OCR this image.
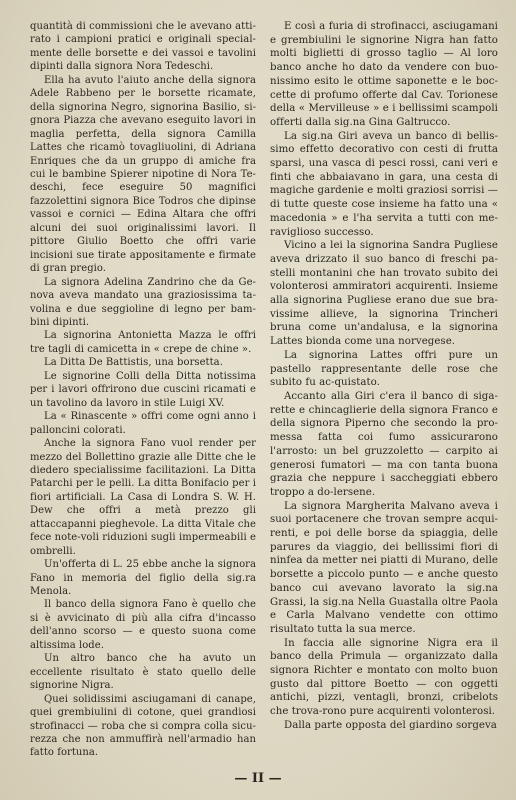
quantità di commissioni che le avevano atti-rato i campioni pratici e originali special-mente delle borsette e dei vassoi e tavolini dipinti dalla signora Nora Tedeschi.

Ella ha avuto l'aiuto anche della signora Adele Rabbeno per le borsette ricamate, della signorina Negro, signorina Basilio, si-gnora Piazza che avevano eseguito lavori in maglia perfetta, della signora Camilla Lattes che ricamò tovagliuolini, di Adriana Enriques che da un gruppo di amiche fra cui le bambine Spierer nipotine di Nora Te-deschi, fece eseguire 50 magnifici fazzolettini signora Bice Todros che dipinse vassoi e cornici — Edina Altara che offri alcuni dei suoi originalissimi lavori. Il pittore Giulio Boetto che offri varie incisioni sue tirate appositamente e firmate di gran pregio.

La signora Adelina Zandrino che da Ge-nova aveva mandato una graziosissima ta-volina e due seggioline di legno per bam-bini dipinti.

La signorina Antonietta Mazza le offri tre tagli di camicetta in « crepe de chine ».

La Ditta De Battistis, una borsetta.

Le signorine Colli della Ditta notissima per i lavori offrirono due cuscini ricamati e un tavolino da lavoro in stile Luigi XV.

La « Rinascente » offri come ogni anno i palloncini colorati.

Anche la signora Fano vuol render per mezzo del Bollettino grazie alle Ditte che le diedero specialissime facilitazioni. La Ditta Patarchi per le pelli. La ditta Bonifacio per i fiori artificiali. La Casa di Londra S. W. H. Dew che offri a metà prezzo gli attaccapanni pieghevole. La ditta Vitale che fece note-voli riduzioni sugli impermeabili e ombrelli.

Un'offerta di L. 25 ebbe anche la signora Fano in memoria del figlio della sig.ra Menola.

Il banco della signora Fano è quello che si è avvicinato di più alla cifra d'incasso dell'anno scorso — e questo suona come altissima lode.

Un altro banco che ha avuto un eccellente risultato è stato quello delle signorine Nigra.

Quei solidissimi asciugamani di canape, quei grembiulini di cotone, quei grandiosi strofinacci — roba che si compra colla sicu-rezza che non ammuffirà nell'armadio han fatto fortuna.

E così a furia di strofinacci, asciugamani e grembiulini le signorine Nigra han fatto molti biglietti di grosso taglio — Al loro banco anche ho dato da vendere con buo-nissimo esito le ottime saponette e le boc-cette di profumo offerte dal Cav. Torionese della « Mervilleuse » e i bellissimi scampoli offerti dalla sig.na Gina Galtrucco.

La sig.na Giri aveva un banco di bellis-simo effetto decorativo con cesti di frutta sparsi, una vasca di pesci rossi, cani veri e finti che abbaiavano in gara, una cesta di magiche gardenie e molti graziosi sorrisi — di tutte queste cose insieme ha fatto una « macedonia » e l'ha servita a tutti con me-raviglioso successo.

Vicino a lei la signorina Sandra Pugliese aveva drizzato il suo banco di freschi pa-stelli montanini che han trovato subito dei volonterosi ammiratori acquirenti. Insieme alla signorina Pugliese erano due sue bra-vissime allieve, la signorina Trincheri bruna come un'andalusa, e la signorina Lattes bionda come una norvegese.

La signorina Lattes offri pure un pastello rappresentante delle rose che subito fu ac-quistato.

Accanto alla Giri c'era il banco di siga-rette e chincaglierie della signora Franco e della signora Piperno che secondo la pro-messa fatta coi fumo assicurarono l'arrosto: un bel gruzzoletto — carpito ai generosi fumatori — ma con tanta buona grazia che neppure i saccheggiati ebbero troppo a do-lersene.

La signora Margherita Malvano aveva i suoi portacenere che trovan sempre acqui-renti, e poi delle borse da spiaggia, delle parures da viaggio, dei bellissimi fiori di ninfea da metter nei piatti di Murano, delle borsette a piccolo punto — e anche questo banco cui avevano lavorato la sig.na Grassi, la sig.na Nella Guastalla oltre Paola e Carla Malvano vendette con ottimo risultato tutta la sua merce.

In faccia alle signorine Nigra era il banco della Primula — organizzato dalla signora Richter e montato con molto buon gusto dal pittore Boetto — con oggetti antichi, pizzi, ventagli, bronzi, cribelots che trova-rono pure acquirenti volonterosi.

Dalla parte opposta del giardino sorgeva

— II —
